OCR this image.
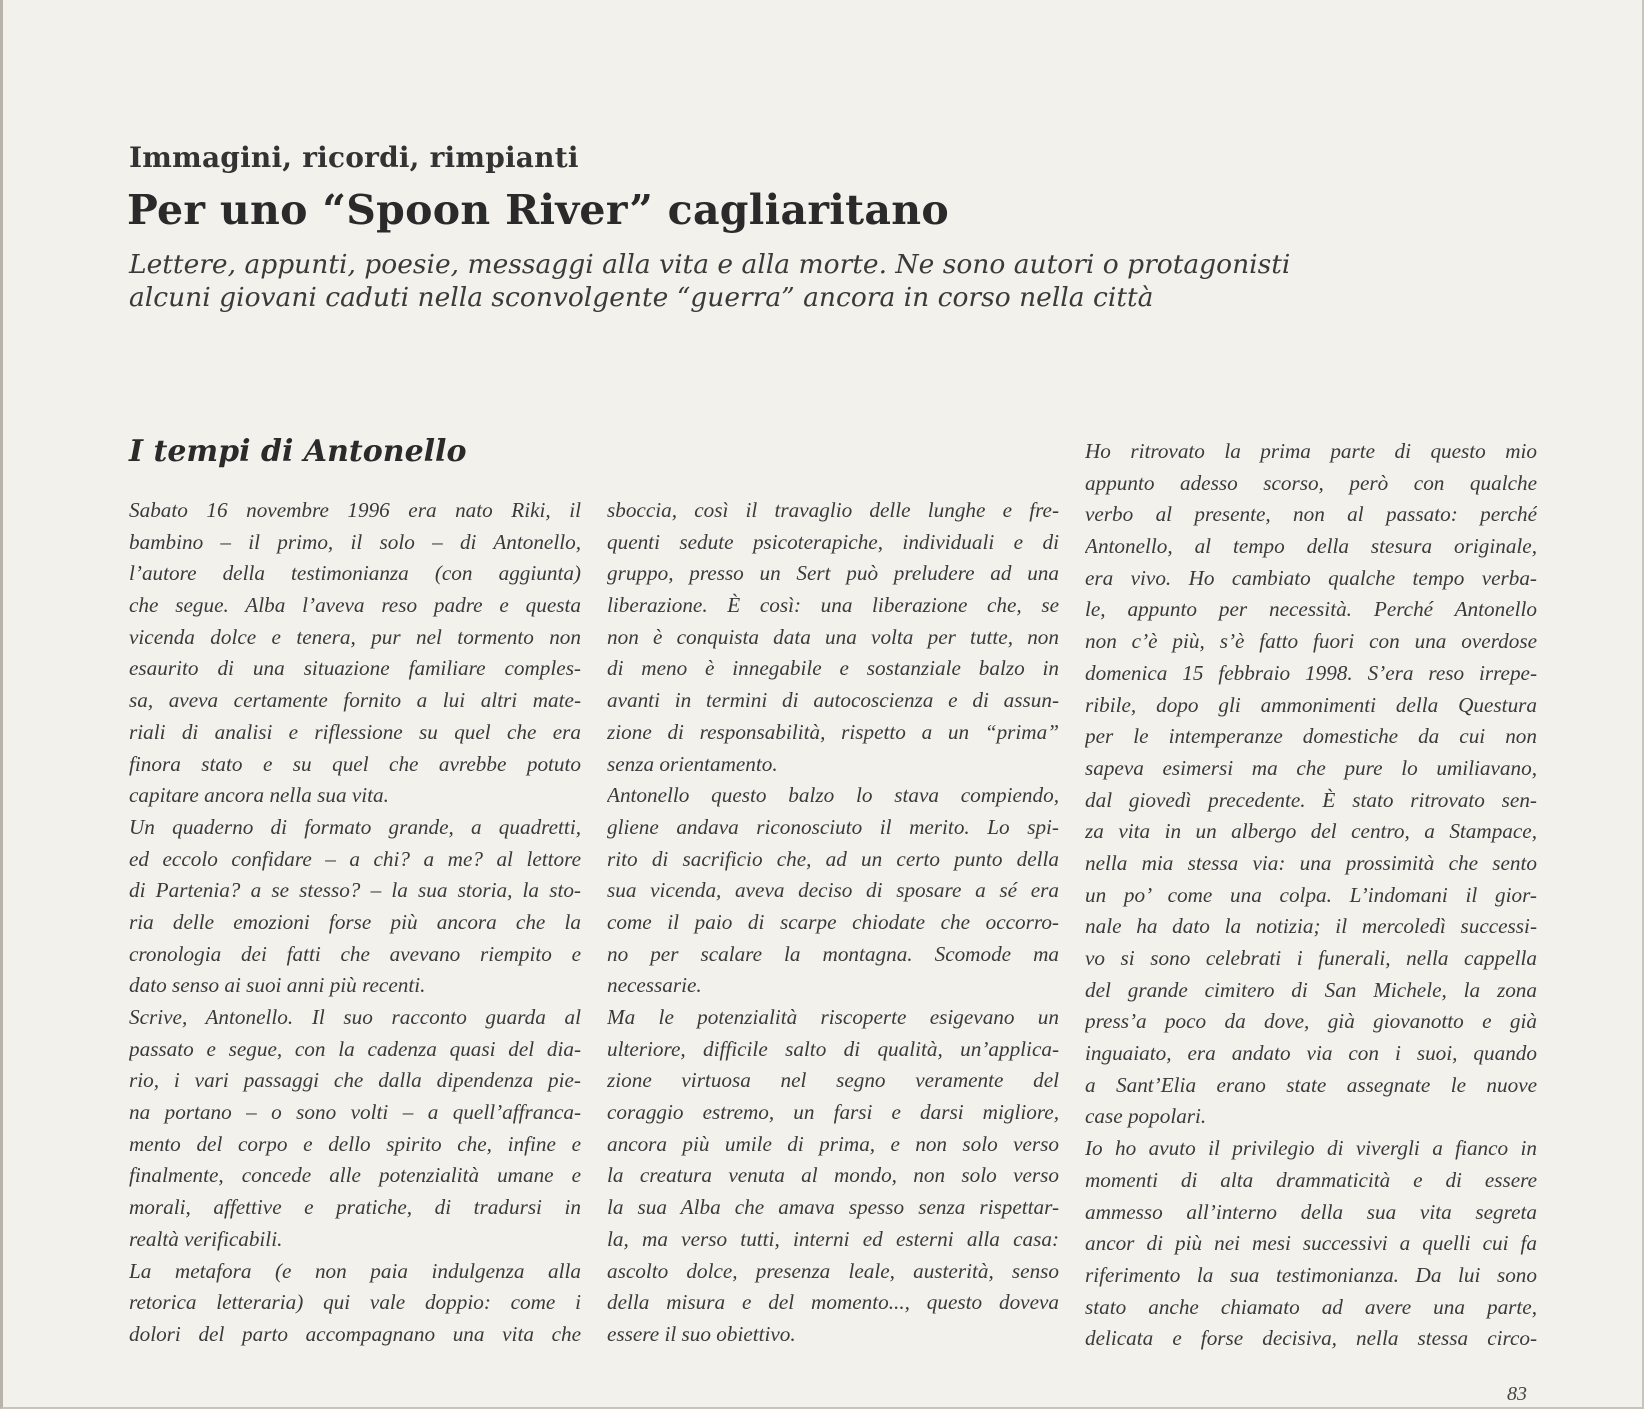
Immagini, ricordi, rimpianti
Per uno “Spoon River” cagliaritano

Lettere, appunti, poesie, messaggi alla vita e alla morte. Ne sono autori o protagonisti
alcuni giovani caduti nella sconvolgente “guerra” ancora in corso nella città

I tempi di Antonello
Sabato 16 novembre 1996 era nato Riki, il
bambino – il primo, il solo – di Antonello,
l’autore della testimonianza (con aggiunta)
che segue. Alba l’aveva reso padre e questa
vicenda dolce e tenera, pur nel tormento non
esaurito di una situazione familiare comples-
sa, aveva certamente fornito a lui altri mate-
riali di analisi e riflessione su quel che era
finora stato e su quel che avrebbe potuto
capitare ancora nella sua vita.
Un quaderno di formato grande, a quadretti,
ed eccolo confidare – a chi? a me? al lettore
di Partenia? a se stesso? – la sua storia, la sto-
ria delle emozioni forse più ancora che la
cronologia dei fatti che avevano riempito e
dato senso ai suoi anni più recenti.
Scrive, Antonello. Il suo racconto guarda al
passato e segue, con la cadenza quasi del dia-
rio, i vari passaggi che dalla dipendenza pie-
na portano – o sono volti – a quell’affranca-
mento del corpo e dello spirito che, infine e
finalmente, concede alle potenzialità umane e
morali, affettive e pratiche, di tradursi in
realtà verificabili.
La metafora (e non paia indulgenza alla
retorica letteraria) qui vale doppio: come i
dolori del parto accompagnano una vita che
sboccia, così il travaglio delle lunghe e fre-
quenti sedute psicoterapiche, individuali e di
gruppo, presso un Sert può preludere ad una
liberazione. È così: una liberazione che, se
non è conquista data una volta per tutte, non
di meno è innegabile e sostanziale balzo in
avanti in termini di autocoscienza e di assun-
zione di responsabilità, rispetto a un “prima”
senza orientamento.
Antonello questo balzo lo stava compiendo,
gliene andava riconosciuto il merito. Lo spi-
rito di sacrificio che, ad un certo punto della
sua vicenda, aveva deciso di sposare a sé era
come il paio di scarpe chiodate che occorro-
no per scalare la montagna. Scomode ma
necessarie.
Ma le potenzialità riscoperte esigevano un
ulteriore, difficile salto di qualità, un’applica-
zione virtuosa nel segno veramente del
coraggio estremo, un farsi e darsi migliore,
ancora più umile di prima, e non solo verso
la creatura venuta al mondo, non solo verso
la sua Alba che amava spesso senza rispettar-
la, ma verso tutti, interni ed esterni alla casa:
ascolto dolce, presenza leale, austerità, senso
della misura e del momento..., questo doveva
essere il suo obiettivo.
Ho ritrovato la prima parte di questo mio
appunto adesso scorso, però con qualche
verbo al presente, non al passato: perché
Antonello, al tempo della stesura originale,
era vivo. Ho cambiato qualche tempo verba-
le, appunto per necessità. Perché Antonello
non c’è più, s’è fatto fuori con una overdose
domenica 15 febbraio 1998. S’era reso irrepe-
ribile, dopo gli ammonimenti della Questura
per le intemperanze domestiche da cui non
sapeva esimersi ma che pure lo umiliavano,
dal giovedì precedente. È stato ritrovato sen-
za vita in un albergo del centro, a Stampace,
nella mia stessa via: una prossimità che sento
un po’ come una colpa. L’indomani il gior-
nale ha dato la notizia; il mercoledì successi-
vo si sono celebrati i funerali, nella cappella
del grande cimitero di San Michele, la zona
press’a poco da dove, già giovanotto e già
inguaiato, era andato via con i suoi, quando
a Sant’Elia erano state assegnate le nuove
case popolari.
Io ho avuto il privilegio di vivergli a fianco in
momenti di alta drammaticità e di essere
ammesso all’interno della sua vita segreta
ancor di più nei mesi successivi a quelli cui fa
riferimento la sua testimonianza. Da lui sono
stato anche chiamato ad avere una parte,
delicata e forse decisiva, nella stessa circo-
83
